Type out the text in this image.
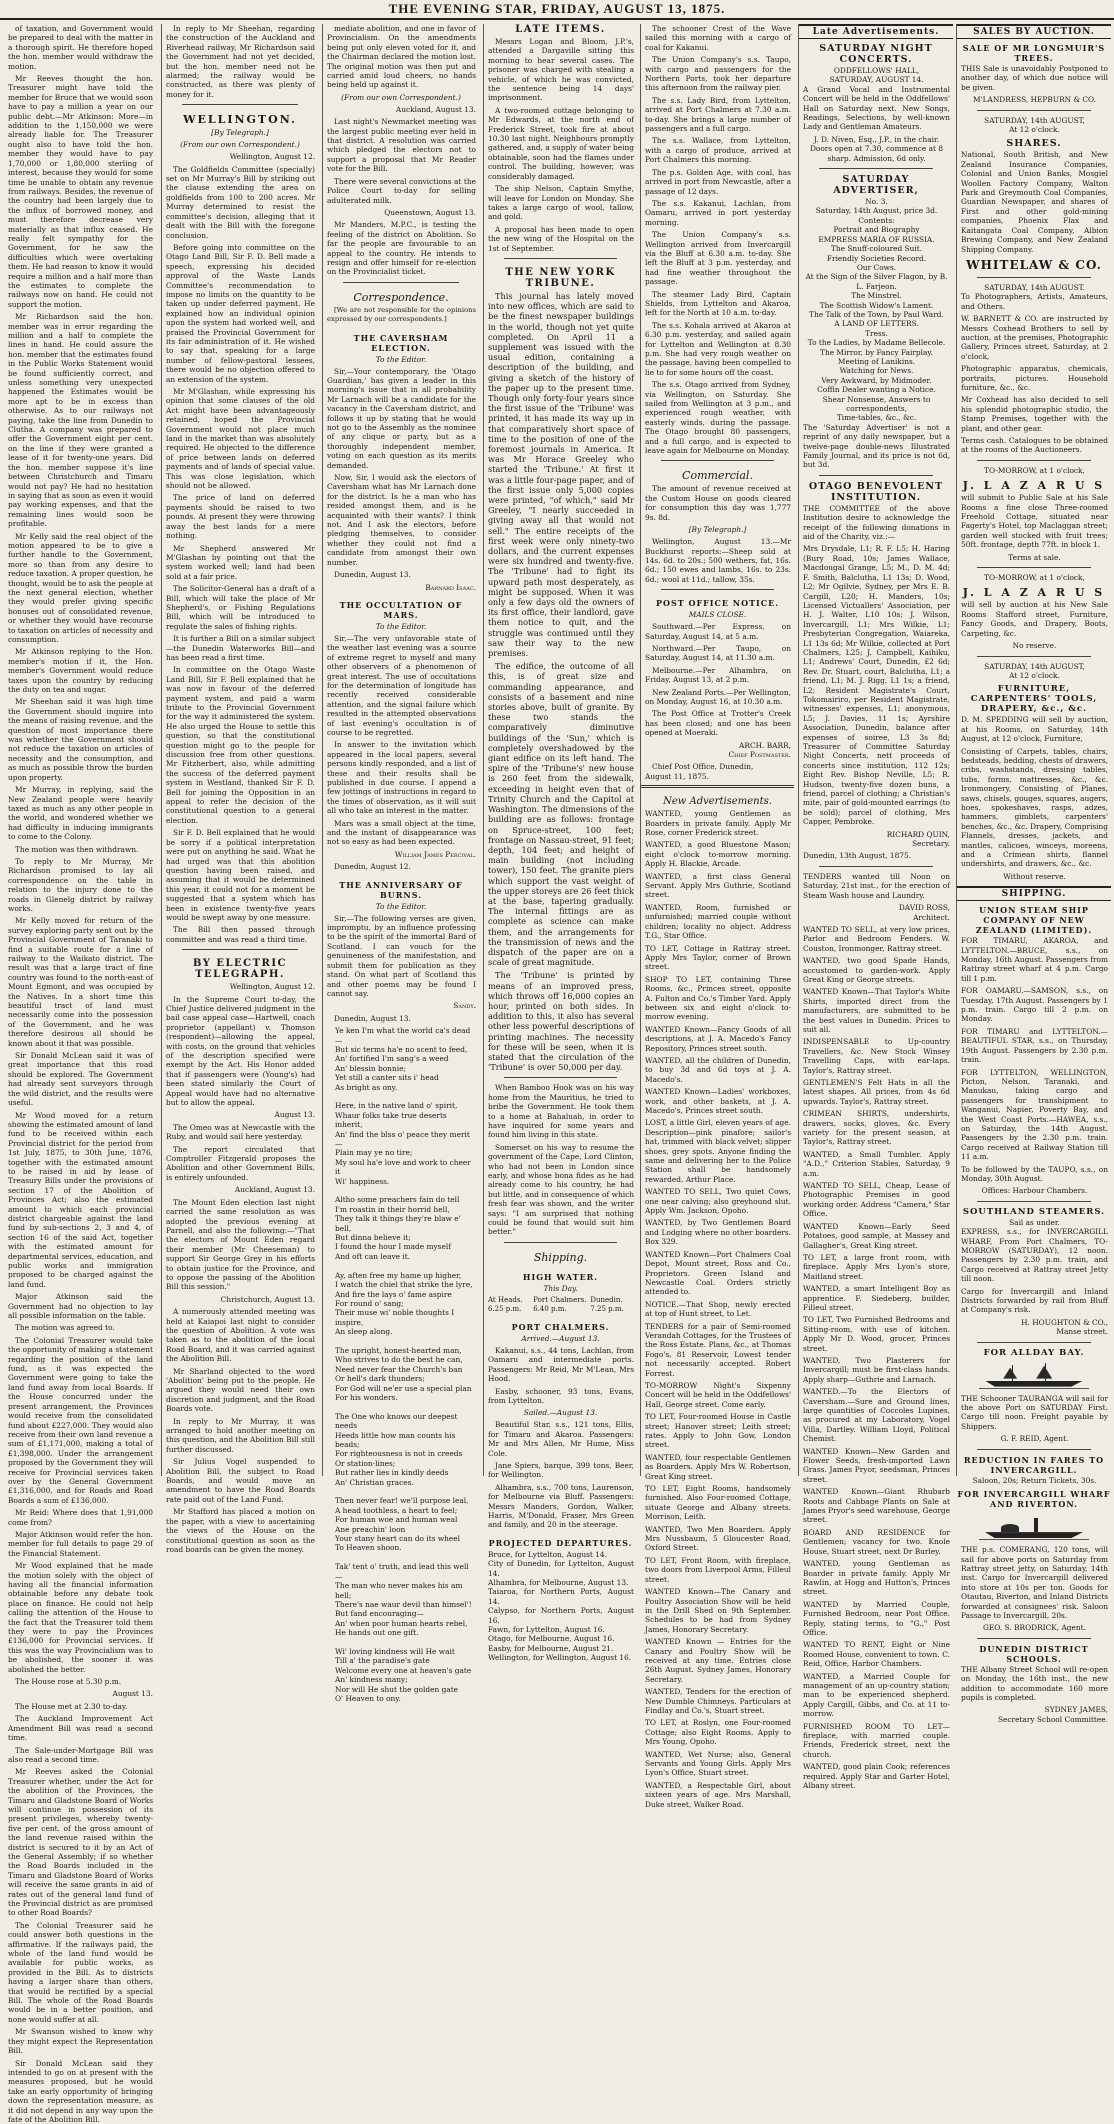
THE EVENING STAR, FRIDAY, AUGUST 13, 1875.

of taxation, and Government would be prepared to deal with the matter in a thorough spirit. He therefore hoped the hon. member would withdraw the motion.

Mr Reeves thought the hon. Treasurer might have told the member for Bruce that we would soon have to pay a million a year on our public debt.—Mr Atkinson: More—in addition to the 1,150,000 we were already liable for. The Treasurer ought also to have told the hon. member they would have to pay 1,70,000 or 1,80,000 sterling of interest, because they would for some time be unable to obtain any revenue from railways. Besides, the revenue of the country had been largely due to the influx of borrowed money, and must therefore decrease very materially as that influx ceased. He really felt sympathy for the Government, for he saw the difficulties which were overtaking them. He had reason to know it would require a million and a half more than the estimates to complete the railways now on hand. He could not support the motion.

Mr Richardson said the hon. member was in error regarding the million and a half to complete the lines in hand. He could assure the hon. member that the estimates found in the Public Works Statement would be found sufficiently correct, and unless something very unexpected happened the Estimates would be more apt to be in excess than otherwise. As to our railways not paying, take the line from Dunedin to Clutha. A company was prepared to offer the Government eight per cent. on the line if they were granted a lease of it for twenty-one years. Did the hon. member suppose it's line between Christchurch and Timaru would not pay? He had no hesitation in saying that as soon as even it would pay working expenses, and that the remaining lines would soon be profitable.

Mr Kelly said the real object of the motion appeared to be to give a further handle to the Government, more so than from any desire to reduce taxation. A proper question, he thought, would be to ask the people at the next general election, whether they would prefer giving specific bonuses out of consolidated revenue, or whether they would have recourse to taxation on articles of necessity and consumption.

Mr Atkinson replying to the Hon. member's motion if it, the Hon. member's Government would reduce taxes upon the country by reducing the duty on tea and sugar.

Mr Sheehan said it was high time the Government should inquire into the means of raising revenue, and the question of most importance there was whether the Government should not reduce the taxation on articles of necessity and the consumption, and as much as possible throw the burden upon property.

Mr Murray, in replying, said the New Zealand people were heavily taxed as much as any other people in the world, and wondered whether we had difficulty in inducing immigrants to come to the Colony.

The motion was then withdrawn.

To reply to Mr Murray, Mr Richardson promised to lay all correspondence on the table in relation to the injury done to the roads in Glenelg district by railway works.

Mr Kelly moved for return of the survey exploring party sent out by the Provincial Government of Taranaki to find a suitable route for a line of railway to the Waikato district. The result was that a large tract of fine country was found to the north-east of Mount Egmont, and was occupied by the Natives. In a short time this beautiful tract of land must necessarily come into the possession of the Government, and he was therefore desirous all should be known about it that was possible.

Sir Donald McLean said it was of great importance that this road should be explored. The Government had already sent surveyors through the wild district, and the results were useful.

Mr Wood moved for a return showing the estimated amount of land fund to be received within each Provincial district for the period from 1st July, 1875, to 30th June, 1876, together with the estimated amount to be raised in aid by lease of Treasury Bills under the provisions of section 17 of the Abolition of Provinces Act; also the estimated amount to which each provincial district chargeable against the land fund by sub-sections 2, 3 and 4, of section 16 of the said Act, together with the estimated amount for departmental services, education, and public works and immigration proposed to be charged against the land fund.

Major Atkinson said the Government had no objection to lay all possible information on the table.

The motion was agreed to.

The Colonial Treasurer would take the opportunity of making a statement regarding the position of the land fund, as it was expected the Government were going to take the land fund away from local Boards. If the House concurred under the present arrangement, the Provinces would receive from the consolidated fund about £227,000. They would also receive from their own land revenue a sum of £1,171,000, making a total of £1,398,000. Under the arrangement proposed by the Government they will receive for Provincial services taken over by the General Government £1,316,000, and for Roads and Road Boards a sum of £136,000.

Mr Reid: Where does that 1,91,000 come from?

Major Atkinson would refer the hon. member for full details to page 29 of the Financial Statement.

Mr Wood explained that he made the motion solely with the object of having all the financial information obtainable before any debate took place on finance. He could not help calling the attention of the House to the fact that the Treasurer told them they were to pay the Provinces £136,000 for Provincial services. If this was the way Provincialism was to be abolished, the sooner it was abolished the better.

The House rose at 5.30 p.m.

August 13.

The House met at 2.30 to-day.

The Auckland Improvement Act Amendment Bill was read a second time.

The Sale-under-Mortgage Bill was also read a second time.

Mr Reeves asked the Colonial Treasurer whether, under the Act for the abolition of the Provinces, the Timaru and Gladstone Board of Works will continue in possession of its present privileges, whereby twenty-five per cent. of the gross amount of the land revenue raised within the district is secured to it by an Act of the General Assembly; if so whether the Road Boards included in the Timaru and Gladstone Board of Works will receive the same grants in aid of rates out of the general land fund of the Provincial district as are promised to other Road Boards?

The Colonial Treasurer said he could answer both questions in the affirmative. If the railways paid, the whole of the land fund would be available for public works, as provided in the Bill. As to districts having a larger share than others, that would be rectified by a special Bill. The whole of the Road Boards would be in a better position, and none would suffer at all.

Mr Swanson wished to know why they might expect the Representation Bill.

Sir Donald McLean said they intended to go on at present with the measures proposed, but he would take an early opportunity of bringing down the representation measure, as it did not depend in any way upon the fate of the Abolition Bill.

In reply to Mr Sheehan, regarding the construction of the Auckland and Riverhead railway, Mr Richardson said the Government had not yet decided, but the hon. member need not be alarmed; the railway would be constructed, as there was plenty of money for it.

WELLINGTON.
[By Telegraph.]
(From our own Correspondent.)

Wellington, August 12.

The Goldfields Committee (specially) set on Mr Murray's Bill by striking out the clause extending the area on goldfields from 100 to 200 acres. Mr Murray determined to resist the committee's decision, alleging that it dealt with the Bill with the foregone conclusion.

Before going into committee on the Otago Land Bill, Sir F. D. Bell made a speech, expressing his decided approval of the Waste Lands Committee's recommendation to impose no limits on the quantity to be taken up under deferred payment. He explained how an individual opinion upon the system had worked well, and praised the Provincial Government for its fair administration of it. He wished to say that, speaking for a large number of fellow-pastoral lessees, there would be no objection offered to an extension of the system.

Mr M'Glashan, while expressing his opinion that some clauses of the old Act might have been advantageously retained, hoped the Provincial Government would not place much land in the market than was absolutely required. He objected to the difference of price between lands on deferred payments and of lands of special value. This was close legislation, which should not be allowed.

The price of land on deferred payments should be raised to two pounds. At present they were throwing away the best lands for a mere nothing.

Mr Shepherd answered Mr M'Glashan by pointing out that the system worked well; land had been sold at a fair price.

The Solicitor-General has a draft of a Bill, which will take the place of Mr Shepherd's, or Fishing Regulations Bill, which will be introduced to regulate the sales of fishing rights.

It is further a Bill on a similar subject—the Dunedin Waterworks Bill—and has been read a first time.

In committee on the Otago Waste Land Bill, Sir F. Bell explained that he was now in favour of the deferred payment system, and paid a warm tribute to the Provincial Government for the way it administered the system. He also urged the House to settle this question, so that the constitutional question might go to the people for discussion free from other questions. Mr Fitzherbert, also, while admitting the success of the deferred payment system in Westland, thanked Sir F. D. Bell for joining the Opposition in an appeal to refer the decision of the constitutional question to a general election.

Sir F. D. Bell explained that he would be sorry if a political interpretation were put on anything he said. What he had urged was that this abolition question having been raised, and assuming that it would be determined this year, it could not for a moment be suggested that a system which has been in existence twenty-five years would be swept away by one measure.

The Bill then passed through committee and was read a third time.

BY ELECTRIC TELEGRAPH.

Wellington, August 12.

In the Supreme Court to-day, the Chief Justice delivered judgment in the bail case appeal case—Hartwell, coach proprietor (appellant) v. Thomson (respondent)—allowing the appeal, with costs, on the ground that vehicles of the description specified were exempt by the Act. His Honor added that if passengers were (Young's) had been stated similarly the Court of Appeal would have had no alternative but to allow the appeal.

August 13.

The Omeo was at Newcastle with the Ruby, and would sail here yesterday.

The report circulated that Comptroller Fitzgerald proposes the Abolition and other Government Bills, is entirely unfounded.

Auckland, August 13.

The Mount Eden election last night carried the same resolution as was adopted the previous evening at Parnell, and also the following:—"That the electors of Mount Eden regard their member (Mr Cheeseman) to support Sir George Grey in his efforts to obtain justice for the Province, and to oppose the passing of the Abolition Bill this session."

Christchurch, August 13.

A numerously attended meeting was held at Kaiapoi last night to consider the question of Abolition. A vote was taken as to the abolition of the local Road Board, and it was carried against the Abolition Bill.

Mr Sharland objected to the word 'Abolition' being put to the people. He argued they would need their own discretion and judgment, and the Road Boards vote.

In reply to Mr Murray, it was arranged to hold another meeting on this question, and the Abolition Bill still further discussed.

Sir Julius Vogel suspended to Abolition Bill, the subject to Road Boards, and would move an amendment to have the Road Boards rate paid out of the Land Fund.

Mr Stafford has placed a motion on the paper, with a view to ascertaining the views of the House on the constitutional question as soon as the road boards can be given the money.

mediate abolition, and one in favor of Provincialism. On the amendments being put only eleven voted for it, and the Chairman declared the motion lost. The original motion was then put and carried amid loud cheers, no hands being held up against it.

(From our own Correspondent.)

Auckland, August 13.

Last night's Newmarket meeting was the largest public meeting ever held in that district. A resolution was carried which pledged the electors not to support a proposal that Mr Reader vote for the Bill.

There were several convictions at the Police Court to-day for selling adulterated milk.

Queenstown, August 13.

Mr Manders, M.P.C., is testing the feeling of the district on Abolition. So far the people are favourable to an appeal to the country. He intends to resign and offer himself for re-election on the Provincialist ticket.

Correspondence.

[We are not responsible for the opinions expressed by our correspondents.]

THE CAVERSHAM ELECTION.
To the Editor.

Sir,—Your contemporary, the 'Otago Guardian,' has given a leader in this morning's issue that in all probability Mr Larnach will be a candidate for the vacancy in the Caversham district, and follows it up by stating that he would not go to the Assembly as the nominee of any clique or party, but as a thoroughly independent member, voting on each question as its merits demanded.

Now, Sir, I would ask the electors of Caversham what has Mr Larnach done for the district. Is he a man who has resided amongst them, and is he acquainted with their wants? I think not. And I ask the electors, before pledging themselves, to consider whether they could not find a candidate from amongst their own number.

Dunedin, August 13.

Barnard Isaac.

THE OCCULTATION OF MARS.
To the Editor.

Sir,—The very unfavorable state of the weather last evening was a source of extreme regret to myself and many other observers of a phenomenon of great interest. The use of occultations for the determination of longitude has recently received considerable attention, and the signal failure which resulted in the attempted observations of last evening's occultation is of course to be regretted.

In answer to the invitation which appeared in the local papers, several persons kindly responded, and a list of these and their results shall be published in due course. I append a few jottings of instructions in regard to the times of observation, as it will suit all who take an interest in the matter.

Mars was a small object at the time, and the instant of disappearance was not so easy as had been expected.

William James Percival.

Dunedin, August 12.

THE ANNIVERSARY OF BURNS.
To the Editor.

Sir,—The following verses are given, impromptu, by an influence professing to be the spirit of the immortal Bard of Scotland. I can vouch for the genuineness of the manifestation, and submit them for publication as they stand. On what part of Scotland this and other poems may be found I cannot say.

Sandy.

Dunedin, August 13.

Ye ken I'm what the world ca's dead—
But sic terms ha'e no scent to feed,
An' fortified I'm sang's a weed
An' blessin bonnie;
Yet still a canter sits i' head
As bright as ony.

Here, in the native land o' spirit,
Whaur folks take true deserts inherit,
An' find the blss o' peace they merit—
Plain may ye no tire;
My soul ha'e love and work to cheer it
Wi' happiness.

Altho some preachers fain do tell
I'm roastin in their horrid hell,
They talk it things they're blaw e' bell,
But dinna believe it;
I found the hour I made myself
And oft can leave it.

Ay, aften free my hame up higher,
I watch the chiel that strike the lyre,
And fire the lays o' fame aspire
For round o' sang;
Their muse wi' noble thoughts I inspire,
An sleep along.

The upright, honest-hearted man,
Who strives to do the best he can,
Need never fear the Church's ban
Or hell's dark thunders;
For God will ne'er use a special plan
For his wonders.

The One who knows our deepest needs
Heeds little how man counts his beads;
For righteousness is not in creeds
Or station-lines;
But rather lies in kindly deeds
An' Christian graces.

Then never fear! we'll purpose leal,
A head toothless, a heart to feel;
For human woe and human weal
Ane preachin' loon
Your stany heart can do its wheel
To Heaven shoon.

Tak' tent o' truth, and lead this well—
The man who never makes his am hell;
There's nae waur devil than himsel'!
But fand encouraging—
An' when poor human hearts rebel,
He hands out one gift.

Wi' loving kindness will He wait
Till a' the paradise's gate
Welcome every one at heaven's gate
An' kindness many;
Nor will He shut the golden gate
O' Heaven to ony.

LATE ITEMS.

Messrs Logan and Bloom, J.P.'s, attended a Dargaville sitting this morning to hear several cases. The prisoner was charged with stealing a vehicle, of which he was convicted, the sentence being 14 days' imprisonment.

A two-roomed cottage belonging to Mr Edwards, at the north end of Frederick Street, took fire at about 10.30 last night. Neighbours promptly gathered, and, a supply of water being obtainable, soon had the flames under control. The building, however, was considerably damaged.

The ship Nelson, Captain Smythe, will leave for London on Monday. She takes a large cargo of wool, tallow, and gold.

A proposal has been made to open the new wing of the Hospital on the 1st of September.

THE NEW YORK TRIBUNE.

This journal has lately moved into new offices, which are said to be the finest newspaper buildings in the world, though not yet quite completed. On April 11 a supplement was issued with the usual edition, containing a description of the building, and giving a sketch of the history of the paper up to the present time. Though only forty-four years since the first issue of the 'Tribune' was printed, it has made its way up in that comparatively short space of time to the position of one of the foremost journals in America. It was Mr Horace Greeley who started the 'Tribune.' At first it was a little four-page paper, and of the first issue only 5,000 copies were printed, "of which," said Mr Greeley, "I nearly succeeded in giving away all that would not sell." The entire receipts of the first week were only ninety-two dollars, and the current expenses were six hundred and twenty-five. The 'Tribune' had to fight its upward path most desperately, as might be supposed. When it was only a few days old the owners of its first office, their landlord, gave them notice to quit, and the struggle was continued until they saw their way to the new premises.

The edifice, the outcome of all this, is of great size and commanding appearance, and consists of a basement and nine stories above, built of granite. By these two stands the comparatively diminutive buildings of the 'Sun,' which is completely overshadowed by the giant edifice on its left hand. The spire of the 'Tribune's' new house is 260 feet from the sidewalk, exceeding in height even that of Trinity Church and the Capitol at Washington. The dimensions of the building are as follows: frontage on Spruce-street, 100 feet; frontage on Nassau-street, 91 feet; depth, 104 feet; and height of main building (not including tower), 150 feet. The granite piers which support the vast weight of the upper storeys are 26 feet thick at the base, tapering gradually. The internal fittings are as complete as science can make them, and the arrangements for the transmission of news and the dispatch of the paper are on a scale of great magnitude.

The 'Tribune' is printed by means of an improved press, which throws off 16,000 copies an hour, printed on both sides. In addition to this, it also has several other less powerful descriptions of printing machines. The necessity for these will be seen, when it is stated that the circulation of the 'Tribune' is over 50,000 per day.

When Bamboo Hook was on his way home from the Mauritius, he tried to bribe the Government. He took them to a home at Bahaluah, in order to have inquired for some years and found him living in this state.

Somerset on his way to resume the government of the Cape, Lord Clinton, who had not been in London since early, and whose bona fides as he had already come to his country, he had but little, and in consequence of which fresh fear was shown, and the writer says: "I am surprised that nothing could be found that would suit him better."

Shipping.
HIGH WATER.
This Day.
At Heads. 6.25 p.m.
Port Chalmers. 6.40 p.m.
Dunedin. 7.25 p.m.
PORT CHALMERS.
Arrived.—August 13.

Kakanui, s.s., 44 tons, Lachlan, from Oamaru and intermediate ports. Passengers: Mr Reid, Mr M'Lean, Mrs Hood.

Easby, schooner, 93 tons, Evans, from Lyttelton.

Sailed.—August 13.

Beautiful Star, s.s., 121 tons, Ellis, for Timaru and Akaroa. Passengers: Mr and Mrs Allen, Mr Hume, Miss Cole.

Jane Spiers, barque, 399 tons, Beer, for Wellington.

Alhambra, s.s., 700 tons, Laurenson, for Melbourne via Bluff. Passengers: Messrs Manders, Gordon, Walker, Harris, M'Donald, Fraser, Mrs Green and family, and 20 in the steerage.

PROJECTED DEPARTURES.

Bruce, for Lyttelton, August 14.
City of Dunedin, for Lyttelton, August 14.
Alhambra, for Melbourne, August 13.
Taiaroa, for Northern Ports, August 14.
Calypso, for Northern Ports, August 16.
Fawn, for Lyttelton, August 16.
Otago, for Melbourne, August 16.
Easby, for Melbourne, August 21.
Wellington, for Wellington, August 16.

The schooner Crest of the Wave sailed this morning with a cargo of coal for Kakanui.

The Union Company's s.s. Taupo, with cargo and passengers for the Northern Ports, took her departure this afternoon from the railway pier.

The s.s. Lady Bird, from Lyttelton, arrived at Port Chalmers at 7.30 a.m. to-day. She brings a large number of passengers and a full cargo.

The s.s. Wallace, from Lyttelton, with a cargo of produce, arrived at Port Chalmers this morning.

The p.s. Golden Age, with coal, has arrived in port from Newcastle, after a passage of 12 days.

The s.s. Kakanui, Lachlan, from Oamaru, arrived in port yesterday morning.

The Union Company's s.s. Wellington arrived from Invercargill via the Bluff at 6.30 a.m. to-day. She left the Bluff at 3 p.m. yesterday, and had fine weather throughout the passage.

The steamer Lady Bird, Captain Shields, from Lyttelton and Akaroa, left for the North at 10 a.m. to-day.

The s.s. Kohala arrived at Akaroa at 6.30 p.m. yesterday, and sailed again for Lyttelton and Wellington at 8.30 p.m. She had very rough weather on the passage, having been compelled to lie to for some hours off the coast.

The s.s. Otago arrived from Sydney, via Wellington, on Saturday. She sailed from Wellington at 3 p.m., and experienced rough weather, with easterly winds, during the passage. The Otago brought 80 passengers, and a full cargo, and is expected to leave again for Melbourne on Monday.

Commercial.

The amount of revenue received at the Custom House on goods cleared for consumption this day was 1,777 9s. 8d.

[By Telegraph.]

Wellington, August 13.—Mr Buckhurst reports:—Sheep sold at 14s. 6d. to 20s.; 500 wethers, fat, 16s. 6d.; 150 ewes and lambs, 16s. to 23s. 6d.; wool at 11d.; tallow, 35s.

POST OFFICE NOTICE.
MAILS CLOSE.

Southward.—Per Express, on Saturday, August 14, at 5 a.m.

Northward.—Per Taupo, on Saturday, August 14, at 11.30 a.m.

Melbourne.—Per Alhambra, on Friday, August 13, at 2 p.m.

New Zealand Ports.—Per Wellington, on Monday, August 16, at 10.30 a.m.

The Post Office at Trotter's Creek has been closed; and one has been opened at Moeraki.

ARCH. BARR,
Chief Postmaster.

Chief Post Office, Dunedin,
August 11, 1875.

New Advertisements.

WANTED, young Gentlemen as Boarders in private family. Apply Mr Rose, corner Frederick street.

WANTED, a good Bluestone Mason; eight o'clock to-morrow morning. Apply H. Blackie, Arcade.

WANTED, a first class General Servant. Apply Mrs Guthrie, Scotland street.

WANTED, Room, furnished or unfurnished; married couple without children; locality no object. Address T.G., Star Office.

TO LET, Cottage in Rattray street. Apply Mrs Taylor, corner of Brown street.

SHOP TO LET, containing Three Rooms, &c., Princes street, opposite A. Fulton and Co.'s Timber Yard. Apply between six and eight o'clock to-morrow evening.

WANTED Known—Fancy Goods of all descriptions, at J. A. Macedo's Fancy Repository, Princes street south.

WANTED, all the children of Dunedin, to buy 3d and 6d toys at J. A. Macedo's.

WANTED Known—Ladies' workboxes, work, and other baskets, at J. A. Macedo's, Princes street south.

LOST, a little Girl, eleven years of age. Description—pink pinafore; sailor's hat, trimmed with black velvet; slipper shoes, grey spots. Anyone finding the same and delivering her to the Police Station shall be handsomely rewarded. Arthur Place.

WANTED TO SELL, Two quiet Cows, one near calving; also greyhound slut. Apply Wm. Jackson, Opoho.

WANTED, by Two Gentlemen Board and Lodging where no other boarders. Box 329.

WANTED Known—Port Chalmers Coal Depot, Mount street, Ross and Co., Proprietors. Green Island and Newcastle Coal. Orders strictly attended to.

NOTICE.—That Shop, newly erected at top of Hunt street, to Let.

TENDERS for a pair of Semi-roomed Verandah Cottages, for the Trustees of the Ross Estate. Plans, &c., at Thomas Fogo's, 81 Reservoir, Lowest tender not necessarily accepted. Robert Forrest.

TO-MORROW Night's Sixpenny Concert will be held in the Oddfellows' Hall, George street. Come early.

TO LET, Four-roomed House in Castle street; Hanover street; Leith street; rates. Apply to John Gow, London street.

WANTED, four respectable Gentlemen as Boarders. Apply Mrs W. Robertson, Great King street.

TO LET, Eight Rooms, handsomely furnished. Also Four-roomed Cottage, situate George and Albany streets. Morrison, Leith.

WANTED, Two Men Boarders. Apply Mrs Nussbaum, 5 Gloucester Road, Oxford Street.

TO LET, Front Room, with fireplace, two doors from Liverpool Arms, Filleul street.

WANTED Known—The Canary and Poultry Association Show will be held in the Drill Shed on 9th September. Schedules to be had from Sydney James, Honorary Secretary.

WANTED Known — Entries for the Canary and Poultry Show will be received at any time. Entries close 26th August. Sydney James, Honorary Secretary.

WANTED, Tenders for the erection of New Dumble Chimneys. Particulars at Findlay and Co.'s, Stuart street.

TO LET, at Roslyn, one Four-roomed Cottage; also Eight Rooms. Apply to Mrs Young, Opoho.

WANTED, Wet Nurse; also, General Servants and Young Girls. Apply Mrs Lyon's Office, Stuart street.

WANTED, a Respectable Girl, about sixteen years of age. Mrs Marshall, Duke street, Walker Road.

Late Advertisements.
SATURDAY NIGHT CONCERTS.
ODDFELLOWS' HALL,
SATURDAY, AUGUST 14.

A Grand Vocal and Instrumental Concert will be held in the Oddfellows' Hall on Saturday next. New Songs, Readings, Selections, by well-known Lady and Gentleman Amateurs.

J. D. Niven, Esq., J.P., in the chair.
Doors open at 7.30, commence at 8 sharp. Admission, 6d only.
SATURDAY ADVERTISER,
No. 3.
Saturday, 14th August, price 3d.
Contents:
Portrait and Biography
EMPRESS MARIA OF RUSSIA.
The Snuff-coloured Suit.
Friendly Societies Record.
Our Cows.
At the Sign of the Silver Flagon, by B. L. Farjeon.
The Minstrel.
The Scottish Widow's Lament.
The Talk of the Town, by Paul Ward.
A LAND OF LETTERS.
Tress.
To the Ladies, by Madame Bellecole.
The Mirror, by Fancy Fairplay.
Meeting of Lanikins.
Watching for News.
Very Awkward, by Midmoder.
Coffin Dealer wanting a Notice.
Shear Nonsense, Answers to correspondents,
Time-tables, &c., &c.

The 'Saturday Advertiser' is not a reprint of any daily newspaper, but a twelve-page double-news Illustrated Family Journal, and its price is not 6d, but 3d.

OTAGO BENEVOLENT INSTITUTION.

THE COMMITTEE of the above Institution desire to acknowledge the receipt of the following donations in aid of the Charity, viz.:—

Mrs Drysdale, L1; R. F. L5; H. Haring (Bury Road, 10s; James Wallace, Macdougal Grange, L5; M., D. M. 4d; F. Smith, Balclutha, L1 13s; D. Wood, L2; Mr Ogilvie, Sydney, per Mrs E. B. Cargill, L20; H. Manders, 10s; Licensed Victuallers' Association, per H. J. Walter, L10 10s; J. Wilson, Invercargill, L1; Mrs Wilkie, L1; Presbyterian Congregation, Waiareka, L1 13s 6d; Mr Wilkie, collected at Port Chalmers, L25; J. Campbell, Kaihiku, L1; Andrews' Court, Dunedin, £2 6d; Rev. Dr. Stuart, court, Balclutha, L1; a friend, L1; M. J. Rigg, L1 1s; a friend, L2; Resident Magistrate's Court, Tokomairiro, per Resident Magistrate, witnesses' expenses, L1; anonymous, L5; J. Davies, 11 1s; Ayrshire Association, Dunedin, balance after expenses of soiree, L3 3s 8d; Treasurer of Committee Saturday Night Concerts, nett proceeds of concerts since institution, 112 12s; Eight Rev. Bishop Neville, L5; R. Hudson, twenty-five dozen buns, a friend, parcel of clothing; a Christian's mite, pair of gold-mounted earrings (to be sold); parcel of clothing, Mrs Capper, Pembroke.

RICHARD QUIN,
Secretary.

Dunedin, 13th August, 1875.

TENDERS wanted till Noon on Saturday, 21st inst., for the erection of Steam Wash house and Laundry.

DAVID ROSS,
Architect.

WANTED TO SELL, at very low prices, Parlor and Bedroom Fenders. W. Couston, Ironmonger, Rattray street.

WANTED, two good Spade Hands, accustomed to garden-work. Apply Great King or George streets.

WANTED Known—That Taylor's White Shirts, imported direct from the manufacturers, are submitted to be the best values in Dunedin. Prices to suit all.

INDISPENSABLE to Up-country Travellers, &c. New Stock Winsey Travelling Caps, with ear-laps. Taylor's, Rattray street.

GENTLEMEN'S Felt Hats in all the latest shapes. All prices, from 4s 6d upwards. Taylor's, Rattray street.

CRIMEAN SHIRTS, undershirts, drawers, socks, gloves, &c. Every variety for the present season, at Taylor's, Rattray street.

WANTED, a Small Tumbler. Apply "A.D.," Criterion Stables, Saturday, 9 a.m.

WANTED TO SELL, Cheap, Lease of Photographic Premises in good working order. Address "Camera," Star Office.

WANTED Known—Early Seed Potatoes, good sample, at Massey and Gallagher's, Great King street.

TO LET, a large front room, with fireplace. Apply Mrs Lyon's store, Maitland street.

WANTED, a smart Intelligent Boy as apprentice. F. Siedeberg, builder, Filleul street.

TO LET, Two Furnished Bedrooms and Sitting-room, with use of kitchen. Apply Mr D. Wood, grocer, Princes street.

WANTED, Two Plasterers for Invercargill; must be first-class hands. Apply sharp—Guthrie and Larnach.

WANTED.—To the Electors of Caversham.—Sure and Ground lines, large quantities of Coccoles Lupines, as procured at my Laboratory, Vogel Villa, Dartley. William Lloyd, Political Chemist.

WANTED Known—New Garden and Flower Seeds, fresh-imported Lawn Grass. James Pryor, seedsman, Princes street.

WANTED Known—Giant Rhubarb Roots and Cabbage Plants on Sale at James Pryor's seed warehouse, George street.

BOARD AND RESIDENCE for Gentlemen; vacancy for two. Knole House, Stuart street, next Dr Burley.

WANTED, young Gentleman as Boarder in private family. Apply Mr Rawlin, at Hogg and Hutton's, Princes street.

WANTED by Married Couple, Furnished Bedroom, near Post Office. Reply, stating terms, to "G.," Post Office.

WANTED TO RENT, Eight or Nine Roomed House, convenient to town. C. Reid, Office, Harbor Chambers.

WANTED, a Married Couple for management of an up-country station; man to be experienced shepherd. Apply Cargill, Gibbs, and Co. at 11 to-morrow.

FURNISHED ROOM TO LET—fireplace, with married couple. Friends, Frederick street, next the church.

WANTED, good plain Cook; references required. Apply Star and Garter Hotel, Albany street.

SALES BY AUCTION.
SALE OF MR LONGMUIR'S TREES.

THIS Sale is unavoidably Postponed to another day, of which due notice will be given.

M'LANDRESS, HEPBURN & CO.
SATURDAY, 14th AUGUST,
At 12 o'clock.
SHARES.

National, South British, and New Zealand Insurance Companies, Colonial and Union Banks, Mosgiel Woollen Factory Company, Walton Park and Greymouth Coal Companies, Guardian Newspaper, and shares of First and other gold-mining companies, Phoenix Flax and Kaitangata Coal Company, Albion Brewing Company, and New Zealand Shipping Company.

WHITELAW & CO.
SATURDAY, 14th AUGUST.

To Photographers, Artists, Amateurs, and Others.

W. BARNETT & CO. are instructed by Messrs Coxhead Brothers to sell by auction, at the premises, Photographic Gallery, Princes street, Saturday, at 2 o'clock,

Photographic apparatus, chemicals, portraits, pictures. Household furniture, &c., &c.

Mr Coxhead has also decided to sell his splendid photographic studio, the Stamp Premises, together with the plant, and other gear.

Terms cash. Catalogues to be obtained at the rooms of the Auctioneers.

TO-MORROW, at 1 o'clock,
J. L A Z A R U S

will submit to Public Sale at his Sale Rooms a fine close Three-roomed Freehold Cottage, situated near Fagerty's Hotel, top Maclaggan street; garden well stocked with fruit trees; 50ft. frontage, depth 77ft. in block 1.

Terms at sale.
TO-MORROW, at 1 o'clock,
J. L A Z A R U S

will sell by auction at his New Sale Rooms Stafford street, Furniture, Fancy Goods, and Drapery, Boots, Carpeting, &c.

No reserve.
SATURDAY, 14th AUGUST,
At 12 o'clock.
FURNITURE, CARPENTERS' TOOLS, DRAPERY, &c., &c.

D. M. SPEDDING will sell by auction, at his Rooms, on Saturday, 14th August, at 12 o'clock, Furniture,

Consisting of Carpets, tables, chairs, bedsteads, bedding, chests of drawers, cribs, washstands, dressing tables, tubs, forms, mattresses, &c., &c. Ironmongery, Consisting of Planes, saws, chisels, gouges, squares, augers, hoes, spokeshaves, rasps, adzes, hammers, gimblets, carpenters' benches, &c., &c. Drapery, Comprising Flannels, dresses, jackets, and mantles, calicoes, winceys, moreens, and a Crimean shirts, flannel undershirts, and drawers, &c., &c.

Without reserve.
SHIPPING.
UNION STEAM SHIP COMPANY OF NEW ZEALAND (LIMITED).

FOR TIMARU, AKAROA, and LYTTELTON.—BRUCE, s.s., on Monday, 16th August. Passengers from Rattray street wharf at 4 p.m. Cargo till 1 p.m.

FOR OAMARU.—SAMSON, s.s., on Tuesday, 17th August. Passengers by 1 p.m. train. Cargo till 2 p.m. on Monday.

FOR TIMARU and LYTTELTON.—BEAUTIFUL STAR, s.s., on Thursday, 19th August. Passengers by 2.30 p.m. train.

FOR LYTTELTON, WELLINGTON, Picton, Nelson, Taranaki, and Manukau, taking cargo and passengers for transhipment to Wanganui, Napier, Poverty Bay, and the West Coast Ports.—HAWEA, s.s., on Saturday, the 14th August. Passengers by the 2.30 p.m. train. Cargo received at Railway Station till 11 a.m.

To be followed by the TAUPO, s.s., on Monday, 30th August.

Offices: Harbour Chambers.
SOUTHLAND STEAMERS.
Sail as under.

EXPRESS, s.s., for INVERCARGILL WHARF, From Port Chalmers, TO-MORROW (SATURDAY), 12 noon. Passengers by 2.30 p.m. train, and Cargo received at Rattray street Jetty till noon.

Cargo for Invercargill and Inland Districts forwarded by rail from Bluff at Company's risk.

H. HOUGHTON & CO.,
Manse street.

FOR ALLDAY BAY.

THE Schooner TAURANGA will sail for the above Port on SATURDAY First. Cargo till noon. Freight payable by Shippers.

G. F. REID, Agent.
REDUCTION IN FARES TO INVERCARGILL.
Saloon, 20s; Return Tickets, 30s.
FOR INVERCARGILL WHARF AND RIVERTON.

THE p.s. COMERANG, 120 tons, will sail for above ports on Saturday from Rattray street jetty, on Saturday, 14th inst. Cargo for Invercargill delivered into store at 10s per ton. Goods for Otautau, Riverton, and Inland Districts forwarded at consignees' risk. Saloon Passage to Invercargill, 20s.

GEO. S. BRODRICK, Agent.
DUNEDIN DISTRICT SCHOOLS.

THE Albany Street School will re-open on Monday, the 16th inst., the new addition to accommodate 160 more pupils is completed.

SYDNEY JAMES,
Secretary School Committee.
